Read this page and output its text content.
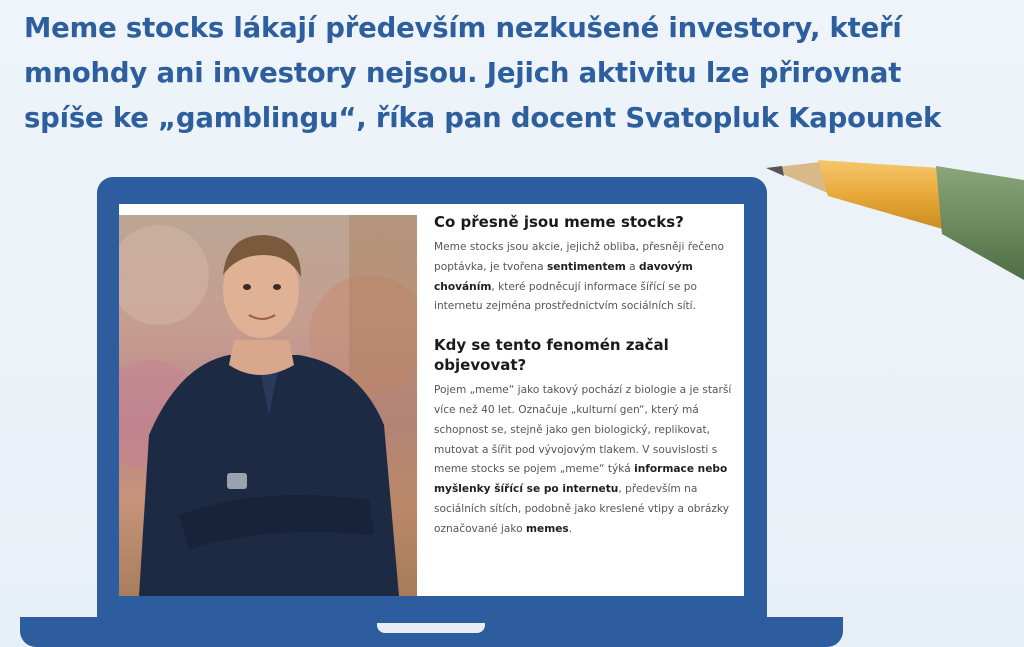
Meme stocks lákají především nezkušené investory, kteří
mnohdy ani investory nejsou. Jejich aktivitu lze přirovnat
spíše ke „gamblingu“, říka pan docent Svatopluk Kapounek
Co přesně jsou meme stocks?

Meme stocks jsou akcie, jejichž obliba, přesněji řečeno poptávka, je tvořena sentimentem a davovým chováním, které podněcují informace šířící se po internetu zejména prostřednictvím sociálních sítí.

Kdy se tento fenomén začal objevovat?

Pojem „meme“ jako takový pochází z biologie a je starší více než 40 let. Označuje „kulturní gen“, který má schopnost se, stejně jako gen biologický, replikovat, mutovat a šířit pod vývojovým tlakem. V souvislosti s meme stocks se pojem „meme“ týká informace nebo myšlenky šířící se po internetu, především na sociálních sítích, podobně jako kreslené vtipy a obrázky označované jako memes.
